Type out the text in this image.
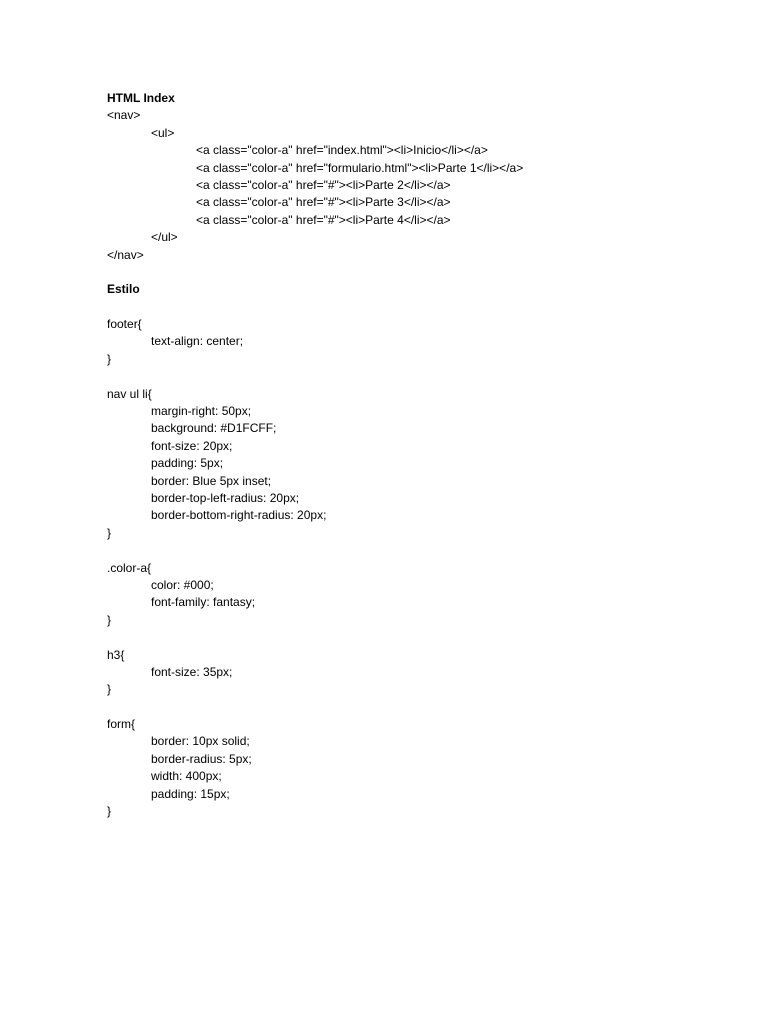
HTML Index
<nav>
<ul>
<a class="color-a" href="index.html"><li>Inicio</li></a>
<a class="color-a" href="formulario.html"><li>Parte 1</li></a>
<a class="color-a" href="#"><li>Parte 2</li></a>
<a class="color-a" href="#"><li>Parte 3</li></a>
<a class="color-a" href="#"><li>Parte 4</li></a>
</ul>
</nav>
Estilo
footer{
text-align: center;
}
nav ul li{
margin-right: 50px;
background: #D1FCFF;
font-size: 20px;
padding: 5px;
border: Blue 5px inset;
border-top-left-radius: 20px;
border-bottom-right-radius: 20px;
}
.color-a{
color: #000;
font-family: fantasy;
}
h3{
font-size: 35px;
}
form{
border: 10px solid;
border-radius: 5px;
width: 400px;
padding: 15px;
}
